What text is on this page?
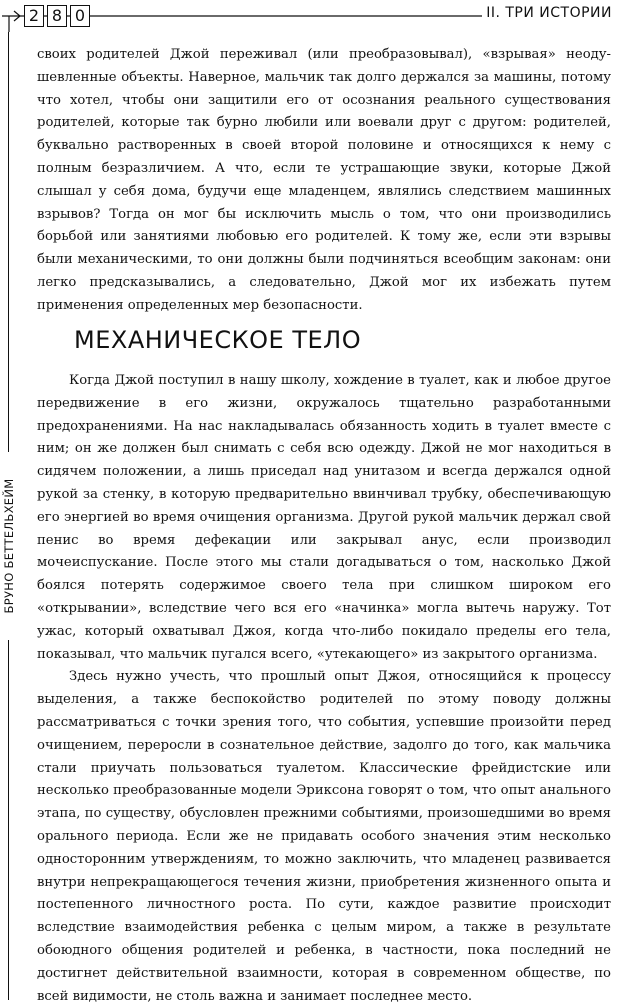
2 8 0	II. ТРИ ИСТОРИИ
БРУНО БЕТТЕЛЬХЕЙМ

своих родителей Джой переживал (или преобразовывал), «взрывая» неодушевленные объекты. Наверное, мальчик так долго держался за машины, потому что хотел, чтобы они защитили его от осознания реального существования родителей, которые так бурно любили или воевали друг с другом: родителей, буквально растворенных в своей второй половине и относящихся к нему с полным безразличием. А что, если те устрашающие звуки, которые Джой слышал у себя дома, будучи еще младенцем, являлись следствием машинных взрывов? Тогда он мог бы исключить мысль о том, что они производились борьбой или занятиями любовью его родителей. К тому же, если эти взрывы были механическими, то они должны были подчиняться всеобщим законам: они легко предсказывались, а следовательно, Джой мог их избежать путем применения определенных мер безопасности.

МЕХАНИЧЕСКОЕ ТЕЛО

Когда Джой поступил в нашу школу, хождение в туалет, как и любое другое передвижение в его жизни, окружалось тщательно разработанными предохранениями. На нас накладывалась обязанность ходить в туалет вместе с ним; он же должен был снимать с себя всю одежду. Джой не мог находиться в сидячем положении, а лишь приседал над унитазом и всегда держался одной рукой за стенку, в которую предварительно ввинчивал трубку, обеспечивающую его энергией во время очищения организма. Другой рукой мальчик держал свой пенис во время дефекации или закрывал анус, если производил мочеиспускание. После этого мы стали догадываться о том, насколько Джой боялся потерять содержимое своего тела при слишком широком его «открывании», вследствие чего вся его «начинка» могла вытечь наружу. Тот ужас, который охватывал Джоя, когда что-либо покидало пределы его тела, показывал, что мальчик пугался всего, «утекающего» из закрытого организма.

Здесь нужно учесть, что прошлый опыт Джоя, относящийся к процессу выделения, а также беспокойство родителей по этому поводу должны рассматриваться с точки зрения того, что события, успевшие произойти перед очищением, переросли в сознательное действие, задолго до того, как мальчика стали приучать пользоваться туалетом. Классические фрейдистские или несколько преобразованные модели Эриксона говорят о том, что опыт анального этапа, по существу, обусловлен прежними событиями, произошедшими во время орального периода. Если же не придавать особого значения этим несколько односторонним утверждениям, то можно заключить, что младенец развивается внутри непрекращающегося течения жизни, приобретения жизненного опыта и постепенного личностного роста. По сути, каждое развитие происходит вследствие взаимодействия ребенка с целым миром, а также в результате обоюдного общения родителей и ребенка, в частности, пока последний не достигнет действительной взаимности, которая в современном обществе, по всей видимости, не столь важна и занимает последнее место.
